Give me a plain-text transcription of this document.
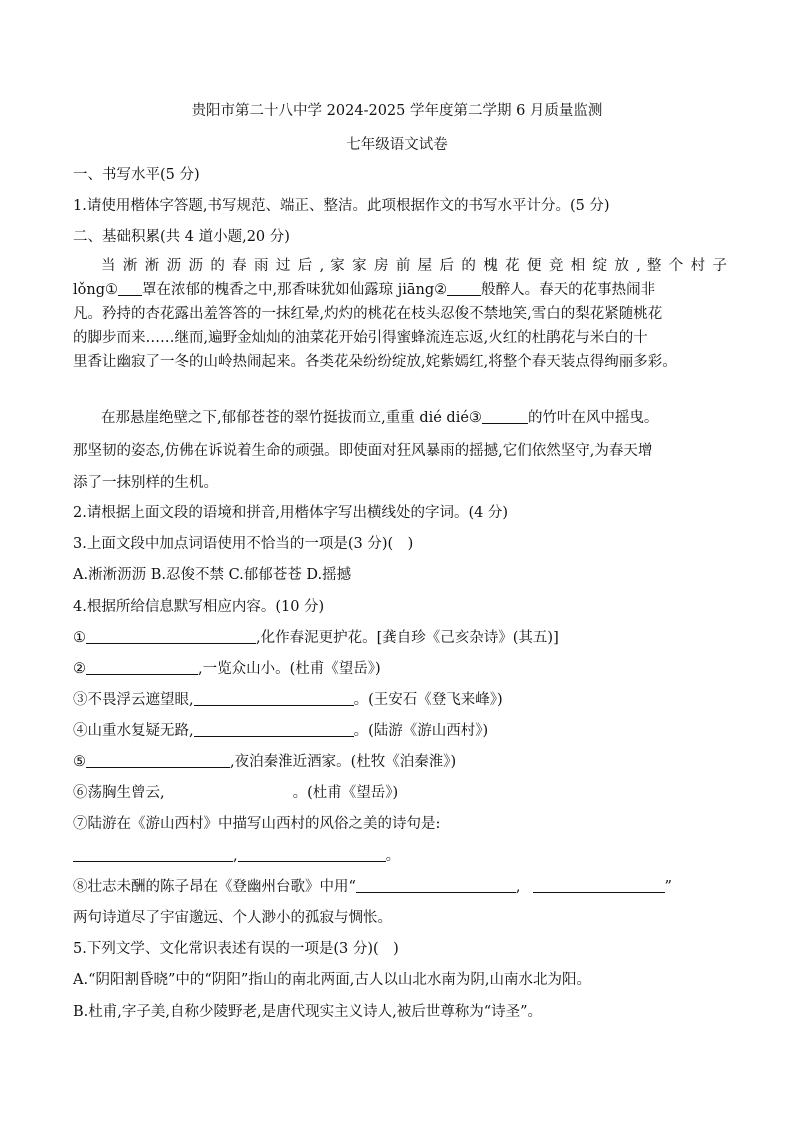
贵阳市第二十八中学 2024-2025 学年度第二学期 6 月质量监测
七年级语文试卷
一、书写水平(5 分)
1.请使用楷体字答题,书写规范、端正、整洁。此项根据作文的书写水平计分。(5 分)
二、基础积累(共 4 道小题,20 分)
当 淅 淅 沥 沥 的 春 雨 过 后 , 家 家 房 前 屋 后 的 槐 花 便 竞 相 绽 放 , 整 个 村 子
lǒng① 罩在浓郁的槐香之中,那香味犹如仙露琼 jiāng② 般醉人。春天的花事热闹非
凡。矜持的杏花露出羞答答的一抹红晕,灼灼的桃花在枝头忍俊不禁地笑,雪白的梨花紧随桃花
的脚步而来……继而,遍野金灿灿的油菜花开始引得蜜蜂流连忘返,火红的杜鹃花与米白的十
里香让幽寂了一冬的山岭热闹起来。各类花朵纷纷绽放,姹紫嫣红,将整个春天装点得绚丽多彩。
在那悬崖绝壁之下,郁郁苍苍的翠竹挺拔而立,重重 dié dié③	的竹叶在风中摇曳。
那坚韧的姿态,仿佛在诉说着生命的顽强。即使面对狂风暴雨的摇撼,它们依然坚守,为春天增
添了一抹别样的生机。
2.请根据上面文段的语境和拼音,用楷体字写出横线处的字词。(4 分)
3.上面文段中加点词语使用不恰当的一项是(3 分)(　)
A.淅淅沥沥 B.忍俊不禁 C.郁郁苍苍 D.摇撼
4.根据所给信息默写相应内容。(10 分)
①	,化作春泥更护花。[龚自珍《己亥杂诗》(其五)]
②	,一览众山小。(杜甫《望岳》)
③不畏浮云遮望眼,	。(王安石《登飞来峰》)
④山重水复疑无路,	。(陆游《游山西村》)
⑤	,夜泊秦淮近酒家。(杜牧《泊秦淮》)
⑥荡胸生曾云,	。(杜甫《望岳》)
⑦陆游在《游山西村》中描写山西村的风俗之美的诗句是:
,	。
⑧壮志未酬的陈子昂在《登幽州台歌》中用“	,	”
两句诗道尽了宇宙邈远、个人渺小的孤寂与惆怅。
5.下列文学、文化常识表述有误的一项是(3 分)(　)
A.“阴阳割昏晓”中的“阴阳”指山的南北两面,古人以山北水南为阴,山南水北为阳。
B.杜甫,字子美,自称少陵野老,是唐代现实主义诗人,被后世尊称为“诗圣”。
